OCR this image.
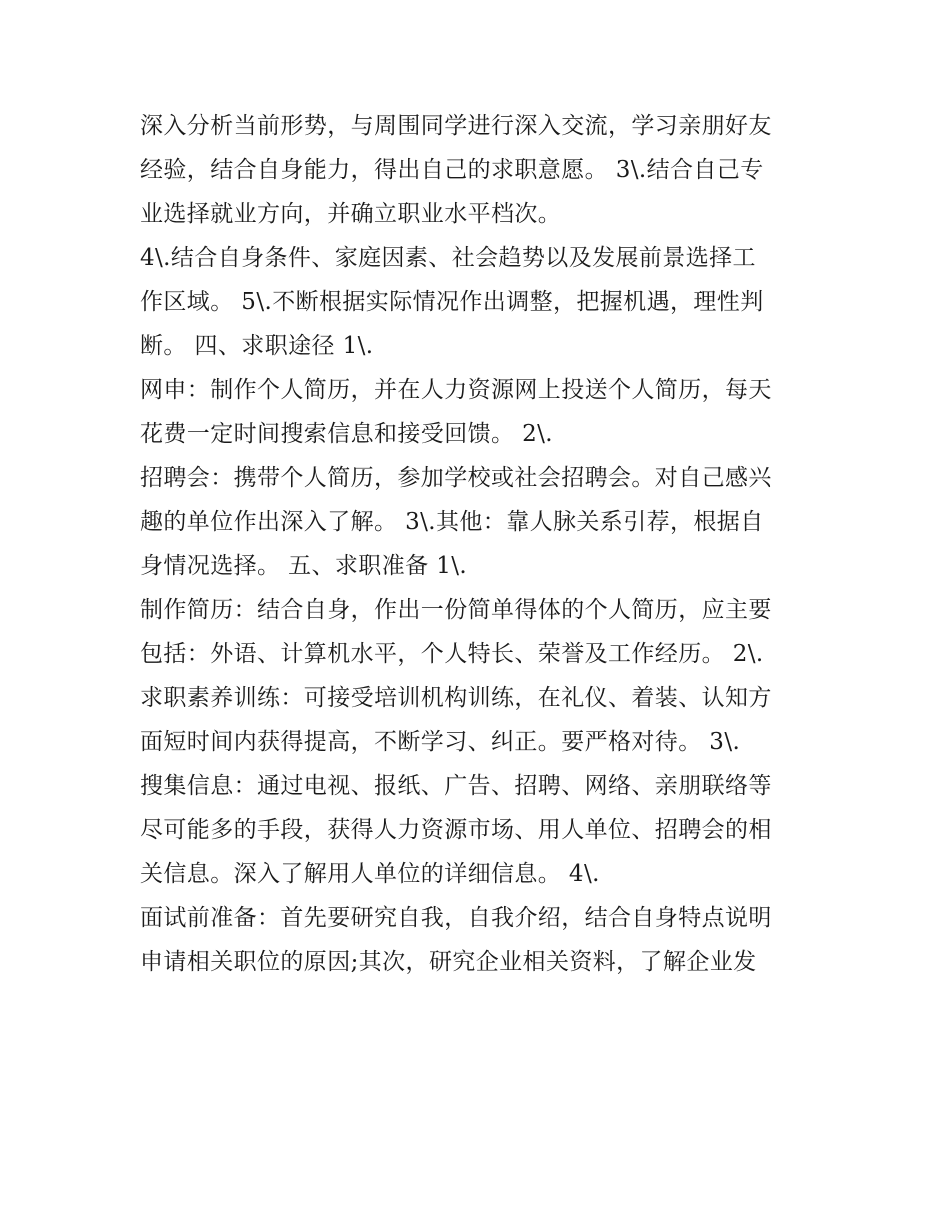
深入分析当前形势，与周围同学进行深入交流，学习亲朋好友
经验，结合自身能力，得出自己的求职意愿。 3\.结合自己专
业选择就业方向，并确立职业水平档次。
4\.结合自身条件、家庭因素、社会趋势以及发展前景选择工
作区域。 5\.不断根据实际情况作出调整，把握机遇，理性判
断。 四、求职途径 1\.
网申：制作个人简历，并在人力资源网上投送个人简历，每天
花费一定时间搜索信息和接受回馈。 2\.
招聘会：携带个人简历，参加学校或社会招聘会。对自己感兴
趣的单位作出深入了解。 3\.其他：靠人脉关系引荐，根据自
身情况选择。 五、求职准备 1\.
制作简历：结合自身，作出一份简单得体的个人简历，应主要
包括：外语、计算机水平，个人特长、荣誉及工作经历。 2\.
求职素养训练：可接受培训机构训练，在礼仪、着装、认知方
面短时间内获得提高，不断学习、纠正。要严格对待。 3\.
搜集信息：通过电视、报纸、广告、招聘、网络、亲朋联络等
尽可能多的手段，获得人力资源市场、用人单位、招聘会的相
关信息。深入了解用人单位的详细信息。 4\.
面试前准备：首先要研究自我，自我介绍，结合自身特点说明
申请相关职位的原因;其次，研究企业相关资料，了解企业发
